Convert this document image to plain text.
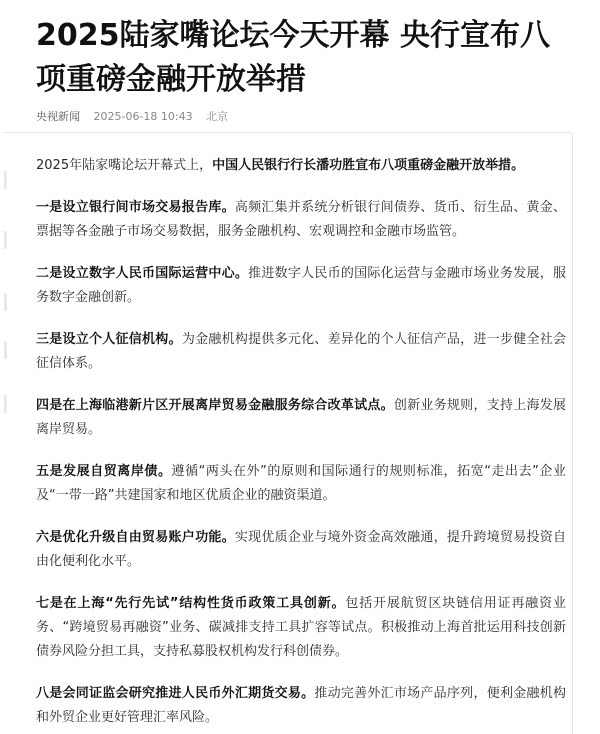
2025陆家嘴论坛今天开幕 央行宣布八项重磅金融开放举措
央视新闻 2025-06-18 10:43 北京

2025年陆家嘴论坛开幕式上，中国人民银行行长潘功胜宣布八项重磅金融开放举措。

一是设立银行间市场交易报告库。高频汇集并系统分析银行间债券、货币、衍生品、黄金、票据等各金融子市场交易数据，服务金融机构、宏观调控和金融市场监管。

二是设立数字人民币国际运营中心。推进数字人民币的国际化运营与金融市场业务发展，服务数字金融创新。

三是设立个人征信机构。为金融机构提供多元化、差异化的个人征信产品，进一步健全社会征信体系。

四是在上海临港新片区开展离岸贸易金融服务综合改革试点。创新业务规则，支持上海发展离岸贸易。

五是发展自贸离岸债。遵循“两头在外”的原则和国际通行的规则标准，拓宽“走出去”企业及“一带一路”共建国家和地区优质企业的融资渠道。

六是优化升级自由贸易账户功能。实现优质企业与境外资金高效融通，提升跨境贸易投资自由化便利化水平。

七是在上海“先行先试”结构性货币政策工具创新。包括开展航贸区块链信用证再融资业务、“跨境贸易再融资”业务、碳减排支持工具扩容等试点。积极推动上海首批运用科技创新债券风险分担工具，支持私募股权机构发行科创债券。

八是会同证监会研究推进人民币外汇期货交易。推动完善外汇市场产品序列，便利金融机构和外贸企业更好管理汇率风险。
